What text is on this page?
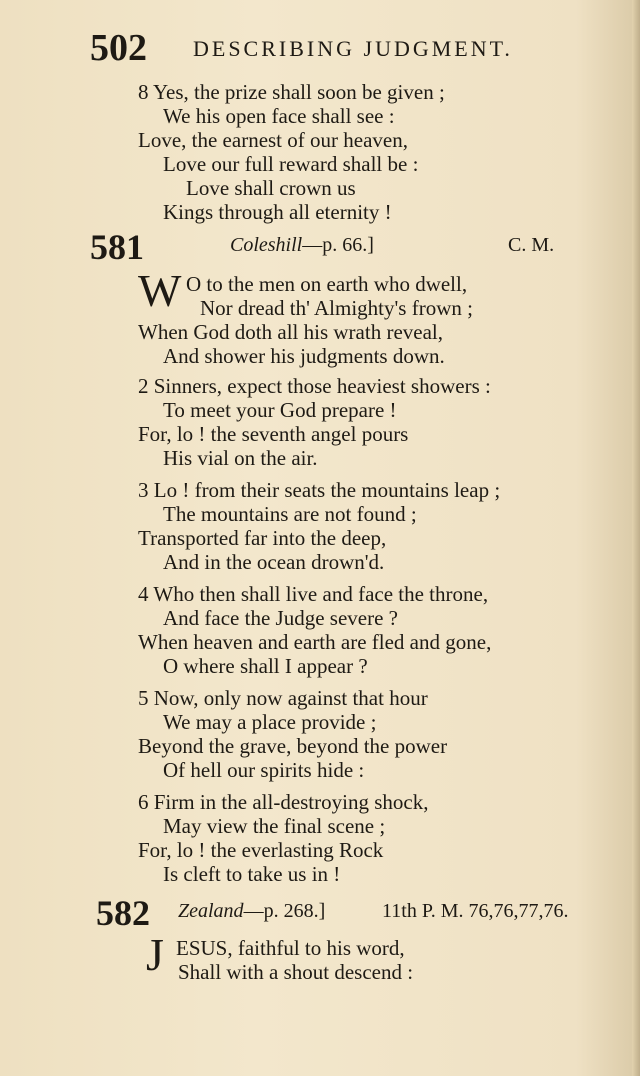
502 DESCRIBING JUDGMENT.
8 Yes, the prize shall soon be given ;
We his open face shall see :
Love, the earnest of our heaven,
Love our full reward shall be :
Love shall crown us
Kings through all eternity !
581	Coleshill—p. 66.]	C. M.
W O to the men on earth who dwell,
Nor dread th' Almighty's frown ;
When God doth all his wrath reveal,
And shower his judgments down.
2 Sinners, expect those heaviest showers :
To meet your God prepare !
For, lo ! the seventh angel pours
His vial on the air.
3 Lo ! from their seats the mountains leap ;
The mountains are not found ;
Transported far into the deep,
And in the ocean drown'd.
4 Who then shall live and face the throne,
And face the Judge severe ?
When heaven and earth are fled and gone,
O where shall I appear ?
5 Now, only now against that hour
We may a place provide ;
Beyond the grave, beyond the power
Of hell our spirits hide :
6 Firm in the all-destroying shock,
May view the final scene ;
For, lo ! the everlasting Rock
Is cleft to take us in !
582 Zealand—p. 268.]	11th P. M. 76,76,77,76.
J ESUS, faithful to his word,
Shall with a shout descend :
